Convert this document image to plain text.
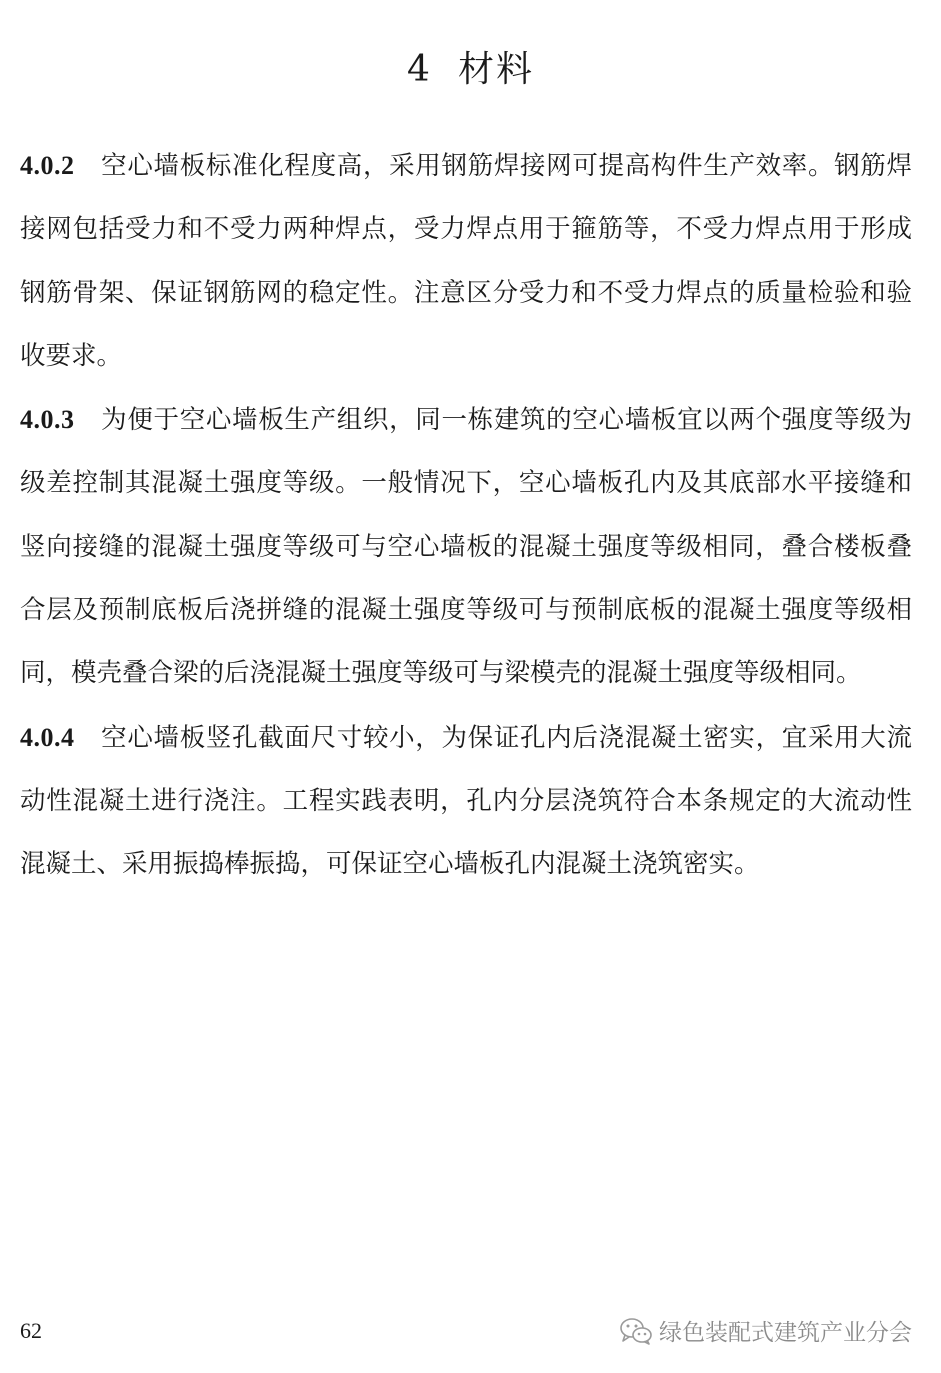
4 材料

4.0.2 空心墙板标准化程度高，采用钢筋焊接网可提高构件生产效率。钢筋焊接网包括受力和不受力两种焊点，受力焊点用于箍筋等，不受力焊点用于形成钢筋骨架、保证钢筋网的稳定性。注意区分受力和不受力焊点的质量检验和验收要求。

4.0.3 为便于空心墙板生产组织，同一栋建筑的空心墙板宜以两个强度等级为级差控制其混凝土强度等级。一般情况下，空心墙板孔内及其底部水平接缝和竖向接缝的混凝土强度等级可与空心墙板的混凝土强度等级相同，叠合楼板叠合层及预制底板后浇拼缝的混凝土强度等级可与预制底板的混凝土强度等级相同，模壳叠合梁的后浇混凝土强度等级可与梁模壳的混凝土强度等级相同。

4.0.4 空心墙板竖孔截面尺寸较小，为保证孔内后浇混凝土密实，宜采用大流动性混凝土进行浇注。工程实践表明，孔内分层浇筑符合本条规定的大流动性混凝土、采用振捣棒振捣，可保证空心墙板孔内混凝土浇筑密实。

62	绿色装配式建筑产业分会
